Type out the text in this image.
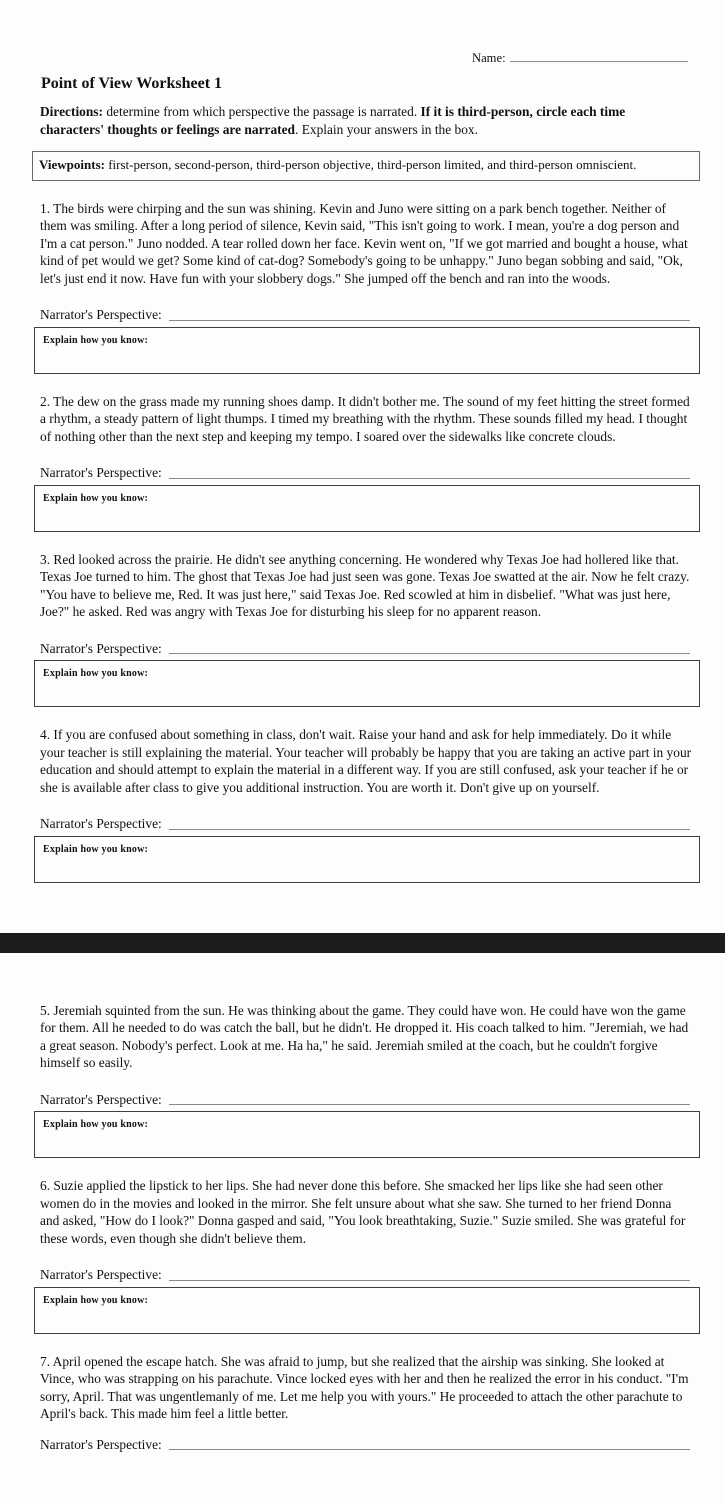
Name:
Point of View Worksheet 1

Directions: determine from which perspective the passage is narrated. If it is third-person, circle each time characters' thoughts or feelings are narrated. Explain your answers in the box.

Viewpoints: first-person, second-person, third-person objective, third-person limited, and third-person omniscient.

1. The birds were chirping and the sun was shining. Kevin and Juno were sitting on a park bench together. Neither of them was smiling. After a long period of silence, Kevin said, "This isn't going to work. I mean, you're a dog person and I'm a cat person." Juno nodded. A tear rolled down her face. Kevin went on, "If we got married and bought a house, what kind of pet would we get? Some kind of cat-dog? Somebody's going to be unhappy." Juno began sobbing and said, "Ok, let's just end it now. Have fun with your slobbery dogs." She jumped off the bench and ran into the woods.

Narrator's Perspective:
Explain how you know:

2. The dew on the grass made my running shoes damp. It didn't bother me. The sound of my feet hitting the street formed a rhythm, a steady pattern of light thumps. I timed my breathing with the rhythm. These sounds filled my head. I thought of nothing other than the next step and keeping my tempo. I soared over the sidewalks like concrete clouds.

Narrator's Perspective:
Explain how you know:

3. Red looked across the prairie. He didn't see anything concerning. He wondered why Texas Joe had hollered like that. Texas Joe turned to him. The ghost that Texas Joe had just seen was gone. Texas Joe swatted at the air. Now he felt crazy. "You have to believe me, Red. It was just here," said Texas Joe. Red scowled at him in disbelief. "What was just here, Joe?" he asked. Red was angry with Texas Joe for disturbing his sleep for no apparent reason.

Narrator's Perspective:
Explain how you know:

4. If you are confused about something in class, don't wait. Raise your hand and ask for help immediately. Do it while your teacher is still explaining the material. Your teacher will probably be happy that you are taking an active part in your education and should attempt to explain the material in a different way. If you are still confused, ask your teacher if he or she is available after class to give you additional instruction. You are worth it. Don't give up on yourself.

Narrator's Perspective:
Explain how you know:

5. Jeremiah squinted from the sun. He was thinking about the game. They could have won. He could have won the game for them. All he needed to do was catch the ball, but he didn't. He dropped it. His coach talked to him. "Jeremiah, we had a great season. Nobody's perfect. Look at me. Ha ha," he said. Jeremiah smiled at the coach, but he couldn't forgive himself so easily.

Narrator's Perspective:
Explain how you know:

6. Suzie applied the lipstick to her lips. She had never done this before. She smacked her lips like she had seen other women do in the movies and looked in the mirror. She felt unsure about what she saw. She turned to her friend Donna and asked, "How do I look?" Donna gasped and said, "You look breathtaking, Suzie." Suzie smiled. She was grateful for these words, even though she didn't believe them.

Narrator's Perspective:
Explain how you know:

7. April opened the escape hatch. She was afraid to jump, but she realized that the airship was sinking. She looked at Vince, who was strapping on his parachute. Vince locked eyes with her and then he realized the error in his conduct. "I'm sorry, April. That was ungentlemanly of me. Let me help you with yours." He proceeded to attach the other parachute to April's back. This made him feel a little better.

Narrator's Perspective:
